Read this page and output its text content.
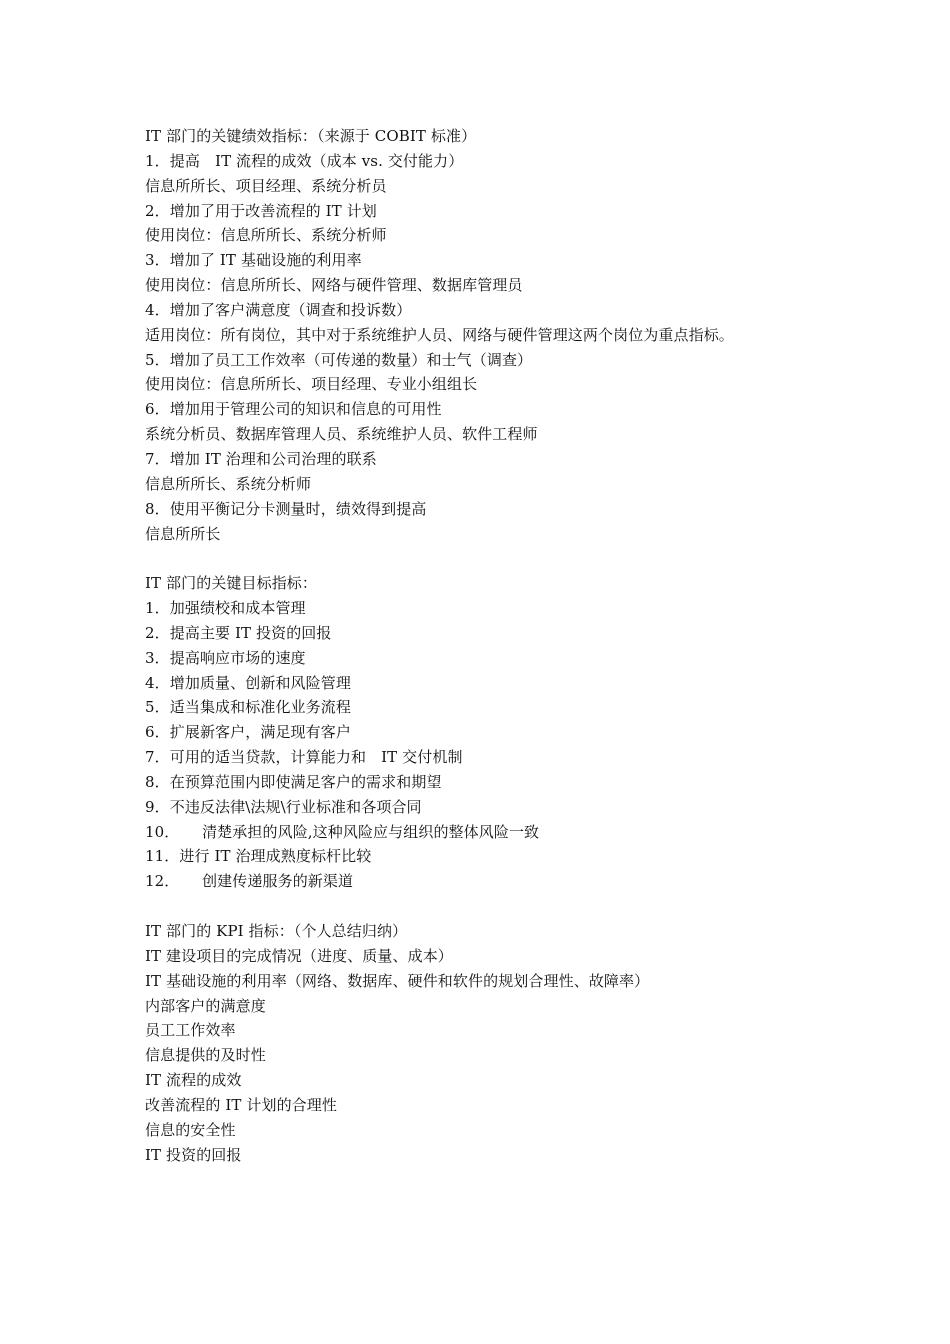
IT 部门的关键绩效指标：（来源于 COBIT 标准）
1．提高　IT 流程的成效（成本 vs. 交付能力）
信息所所长、项目经理、系统分析员
2．增加了用于改善流程的 IT 计划
使用岗位：信息所所长、系统分析师
3．增加了 IT 基础设施的利用率
使用岗位：信息所所长、网络与硬件管理、数据库管理员
4．增加了客户满意度（调查和投诉数）
适用岗位：所有岗位，其中对于系统维护人员、网络与硬件管理这两个岗位为重点指标。
5．增加了员工工作效率（可传递的数量）和士气（调查）
使用岗位：信息所所长、项目经理、专业小组组长
6．增加用于管理公司的知识和信息的可用性
系统分析员、数据库管理人员、系统维护人员、软件工程师
7．增加 IT 治理和公司治理的联系
信息所所长、系统分析师
8．使用平衡记分卡测量时，绩效得到提高
信息所所长
IT 部门的关键目标指标：
1．加强绩校和成本管理
2．提高主要 IT 投资的回报
3．提高响应市场的速度
4．增加质量、创新和风险管理
5．适当集成和标准化业务流程
6．扩展新客户，满足现有客户
7．可用的适当贷款，计算能力和　IT 交付机制
8．在预算范围内即使满足客户的需求和期望
9．不违反法律\法规\行业标准和各项合同
10．　　清楚承担的风险,这种风险应与组织的整体风险一致
11．进行 IT 治理成熟度标杆比较
12．　　创建传递服务的新渠道
IT 部门的 KPI 指标：（个人总结归纳）
IT 建设项目的完成情况（进度、质量、成本）
IT 基础设施的利用率（网络、数据库、硬件和软件的规划合理性、故障率）
内部客户的满意度
员工工作效率
信息提供的及时性
IT 流程的成效
改善流程的 IT 计划的合理性
信息的安全性
IT 投资的回报
